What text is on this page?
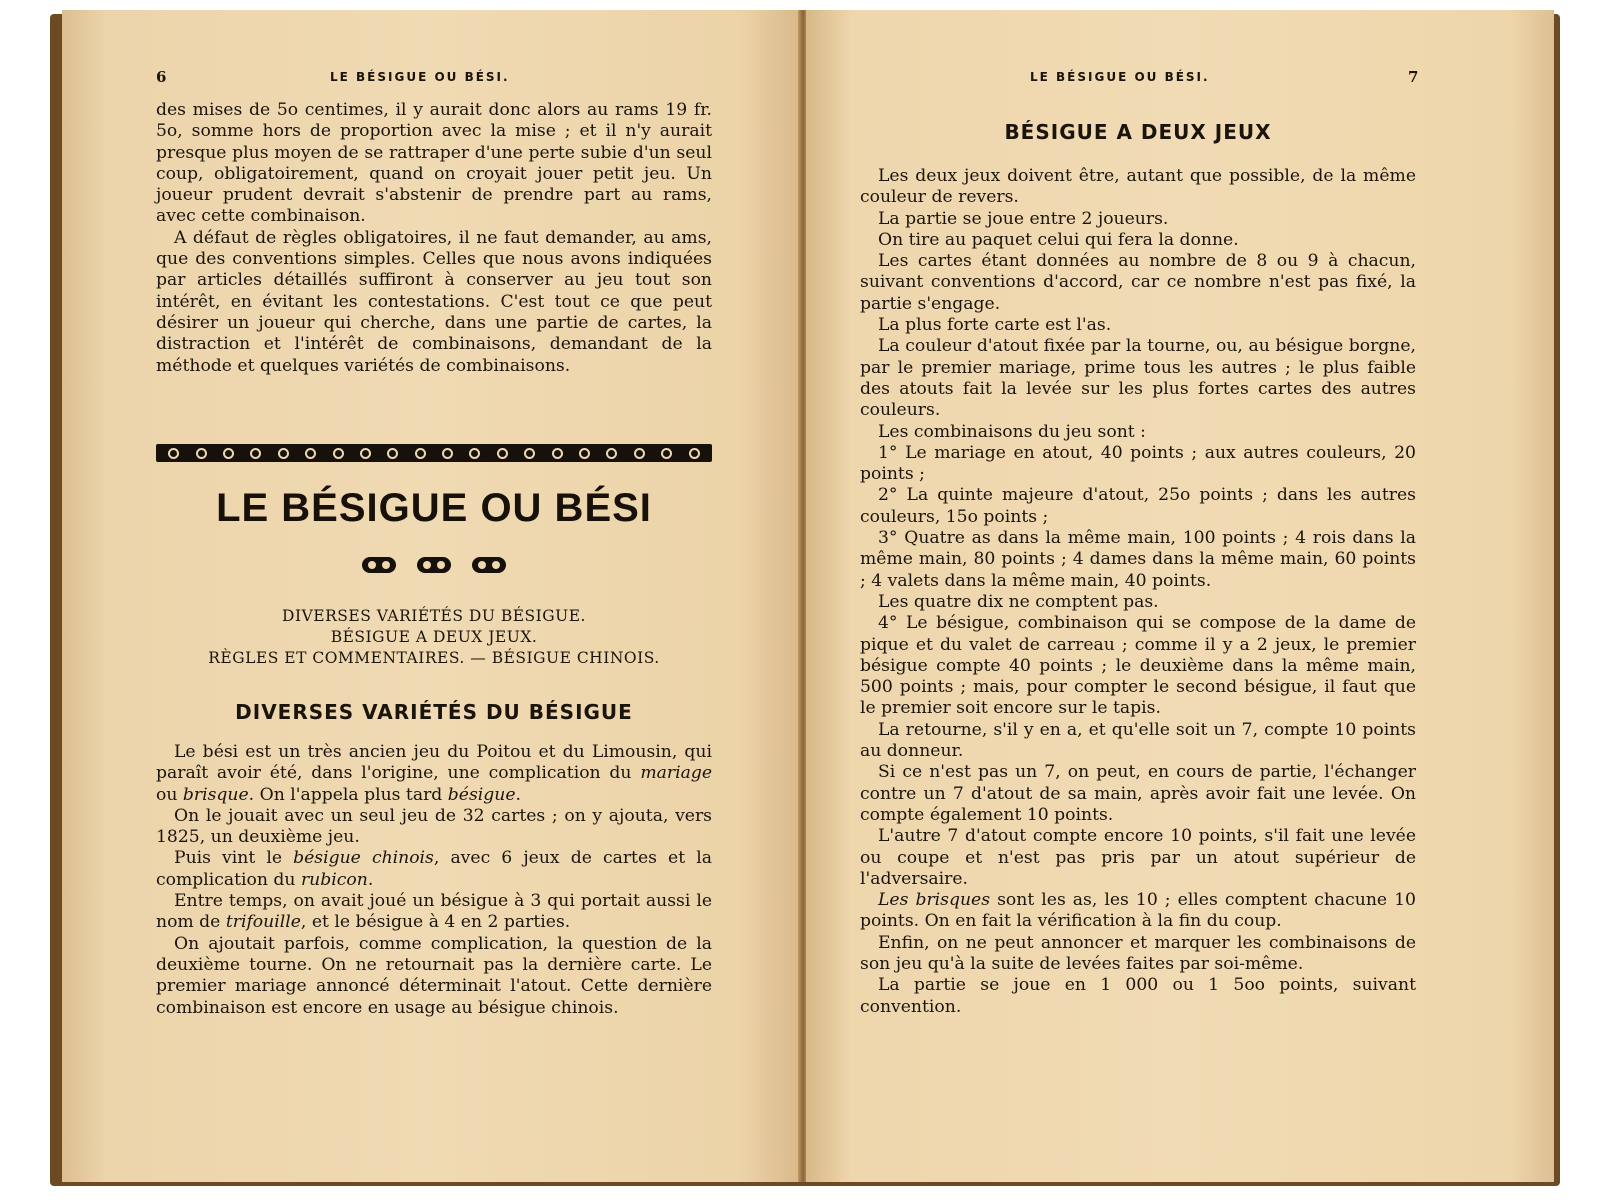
6	LE BÉSIGUE OU BÉSI.

des mises de 5o centimes, il y aurait donc alors au rams 19 fr. 5o, somme hors de proportion avec la mise ; et il n'y aurait presque plus moyen de se rattraper d'une perte subie d'un seul coup, obligatoirement, quand on croyait jouer petit jeu. Un joueur prudent devrait s'abstenir de prendre part au rams, avec cette combinaison.

A défaut de règles obligatoires, il ne faut demander, au ams, que des conventions simples. Celles que nous avons indiquées par articles détaillés suffiront à conserver au jeu tout son intérêt, en évitant les contestations. C'est tout ce que peut désirer un joueur qui cherche, dans une partie de cartes, la distraction et l'intérêt de combinaisons, demandant de la méthode et quelques variétés de combinaisons.

LE BÉSIGUE OU BÉSI
DIVERSES VARIÉTÉS DU BÉSIGUE.
BÉSIGUE A DEUX JEUX.
RÈGLES ET COMMENTAIRES. — BÉSIGUE CHINOIS.
DIVERSES VARIÉTÉS DU BÉSIGUE

Le bési est un très ancien jeu du Poitou et du Limousin, qui paraît avoir été, dans l'origine, une complication du mariage ou brisque. On l'appela plus tard bésigue.

On le jouait avec un seul jeu de 32 cartes ; on y ajouta, vers 1825, un deuxième jeu.

Puis vint le bésigue chinois, avec 6 jeux de cartes et la complication du rubicon.

Entre temps, on avait joué un bésigue à 3 qui portait aussi le nom de trifouille, et le bésigue à 4 en 2 parties.

On ajoutait parfois, comme complication, la question de la deuxième tourne. On ne retournait pas la dernière carte. Le premier mariage annoncé déterminait l'atout. Cette dernière combinaison est encore en usage au bésigue chinois.

LE BÉSIGUE OU BÉSI.	7
BÉSIGUE A DEUX JEUX

Les deux jeux doivent être, autant que possible, de la même couleur de revers.

La partie se joue entre 2 joueurs.

On tire au paquet celui qui fera la donne.

Les cartes étant données au nombre de 8 ou 9 à chacun, suivant conventions d'accord, car ce nombre n'est pas fixé, la partie s'engage.

La plus forte carte est l'as.

La couleur d'atout fixée par la tourne, ou, au bésigue borgne, par le premier mariage, prime tous les autres ; le plus faible des atouts fait la levée sur les plus fortes cartes des autres couleurs.

Les combinaisons du jeu sont :

1° Le mariage en atout, 40 points ; aux autres couleurs, 20 points ;

2° La quinte majeure d'atout, 25o points ; dans les autres couleurs, 15o points ;

3° Quatre as dans la même main, 100 points ; 4 rois dans la même main, 80 points ; 4 dames dans la même main, 60 points ; 4 valets dans la même main, 40 points.

Les quatre dix ne comptent pas.

4° Le bésigue, combinaison qui se compose de la dame de pique et du valet de carreau ; comme il y a 2 jeux, le premier bésigue compte 40 points ; le deuxième dans la même main, 500 points ; mais, pour compter le second bésigue, il faut que le premier soit encore sur le tapis.

La retourne, s'il y en a, et qu'elle soit un 7, compte 10 points au donneur.

Si ce n'est pas un 7, on peut, en cours de partie, l'échanger contre un 7 d'atout de sa main, après avoir fait une levée. On compte également 10 points.

L'autre 7 d'atout compte encore 10 points, s'il fait une levée ou coupe et n'est pas pris par un atout supérieur de l'adversaire.

Les brisques sont les as, les 10 ; elles comptent chacune 10 points. On en fait la vérification à la fin du coup.

Enfin, on ne peut annoncer et marquer les combinaisons de son jeu qu'à la suite de levées faites par soi-même.

La partie se joue en 1 000 ou 1 5oo points, suivant convention.
